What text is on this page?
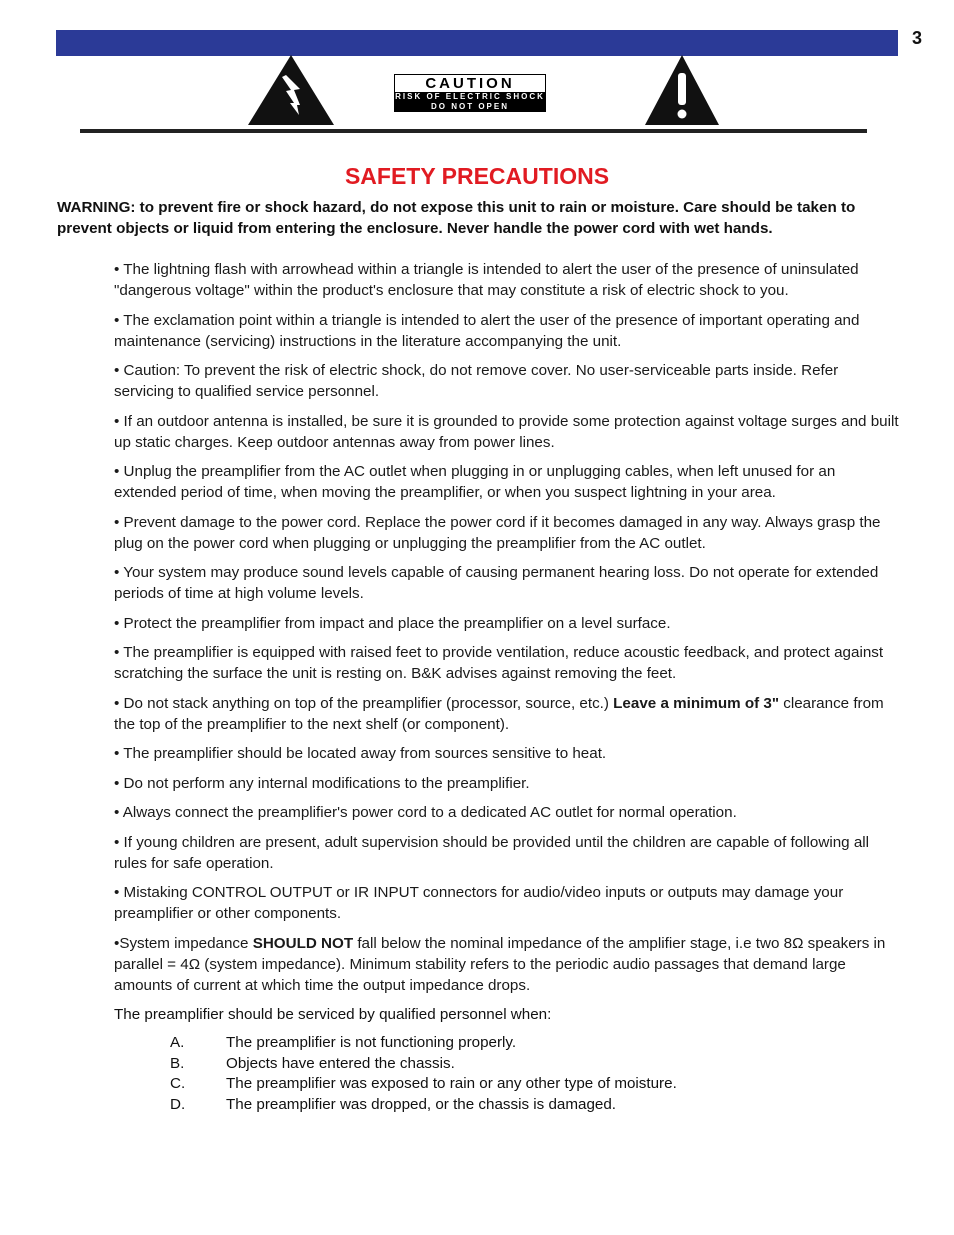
3
CAUTION
RISK OF ELECTRIC SHOCK
DO NOT OPEN
SAFETY PRECAUTIONS
WARNING: to prevent fire or shock hazard, do not expose this unit to rain or moisture. Care should be taken to prevent objects or liquid from entering the enclosure. Never handle the power cord with wet hands.
• The lightning flash with arrowhead within a triangle is intended to alert the user of the presence of uninsulated "dangerous voltage" within the product's enclosure that may constitute a risk of electric shock to you.
• The exclamation point within a triangle is intended to alert the user of the presence of important operating and maintenance (servicing) instructions in the literature accompanying the unit.
• Caution: To prevent the risk of electric shock, do not remove cover. No user-serviceable parts inside. Refer servicing to qualified service personnel.
• If an outdoor antenna is installed, be sure it is grounded to provide some protection against voltage surges and built up static charges. Keep outdoor antennas away from power lines.
• Unplug the preamplifier from the AC outlet when plugging in or unplugging cables, when left unused for an extended period of time, when moving the preamplifier, or when you suspect lightning in your area.
• Prevent damage to the power cord. Replace the power cord if it becomes damaged in any way. Always grasp the plug on the power cord when plugging or unplugging the preamplifier from the AC outlet.
• Your system may produce sound levels capable of causing permanent hearing loss. Do not operate for extended periods of time at high volume levels.
• Protect the preamplifier from impact and place the preamplifier on a level surface.
• The preamplifier is equipped with raised feet to provide ventilation, reduce acoustic feedback, and protect against scratching the surface the unit is resting on. B&K advises against removing the feet.
• Do not stack anything on top of the preamplifier (processor, source, etc.) Leave a minimum of 3" clearance from the top of the preamplifier to the next shelf (or component).
• The preamplifier should be located away from sources sensitive to heat.
• Do not perform any internal modifications to the preamplifier.
• Always connect the preamplifier's power cord to a dedicated AC outlet for normal operation.
• If young children are present, adult supervision should be provided until the children are capable of following all rules for safe operation.
• Mistaking CONTROL OUTPUT or IR INPUT connectors for audio/video inputs or outputs may damage your preamplifier or other components.
•System impedance SHOULD NOT fall below the nominal impedance of the amplifier stage, i.e two 8Ω speakers in parallel = 4Ω (system impedance). Minimum stability refers to the periodic audio passages that demand large amounts of current at which time the output impedance drops.
The preamplifier should be serviced by qualified personnel when:
A.	The preamplifier is not functioning properly.
B.	Objects have entered the chassis.
C.	The preamplifier was exposed to rain or any other type of moisture.
D.	The preamplifier was dropped, or the chassis is damaged.
